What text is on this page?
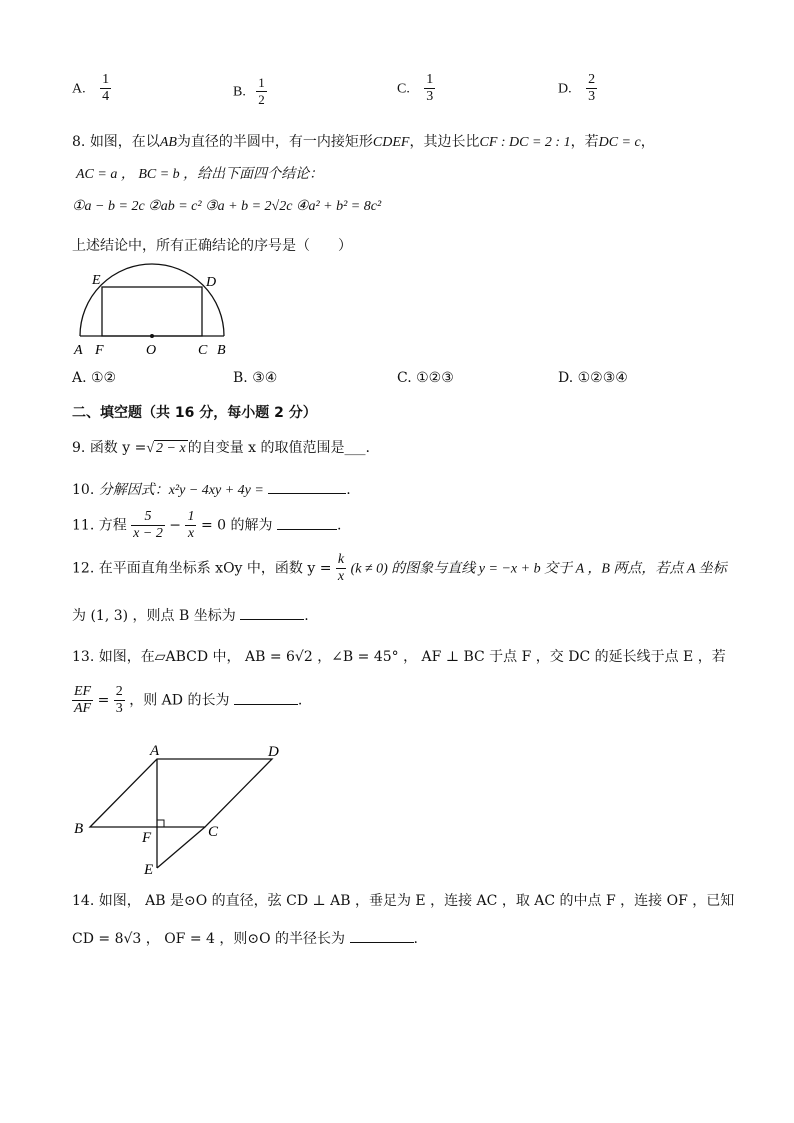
A. $\frac{1}{4}$	B. $\frac{1}{2}$	C. $\frac{1}{3}$	D. $\frac{2}{3}$
8. 如图，在以AB为直径的半圆中，有一内接矩形CDEF，其边长比CF : DC = 2 : 1，若DC = c，
AC = a ， BC = b ，给出下面四个结论：
①a − b = 2c ②ab = c² ③a + b = 2√2c ④a² + b² = 8c²
上述结论中，所有正确结论的序号是（　　）
E	D
A F	O	C B
A. ①②	B. ③④	C. ①②③	D. ①②③④
二、填空题（共 16 分，每小题 2 分）
9. 函数 y =√ 2 − x 的自变量 x 的取值范围是___.
10. 分解因式：x²y − 4xy + 4y =	.
11. 方程 $\frac{5}{x - 2} - \frac{1}{x} = 0$ 的解为	.
12. 在平面直角坐标系 xOy 中，函数 $y = \frac{k}{x} (k \ne 0)$ 的图象与直线 y = −x + b 交于 A ，B 两点，若点 A 坐标
为 (1, 3) ，则点 B 坐标为	.
13. 如图，在▱ABCD 中， AB = 6√2 ，∠B = 45° ， AF ⊥ BC 于点 F ，交 DC 的延长线于点 E ，若
$\frac{EF}{AF} = \frac{2}{3}$ ，则 AD 的长为	.
A	D
B
F	C
E
14. 如图， AB 是⊙O 的直径，弦 CD ⊥ AB ，垂足为 E ，连接 AC ，取 AC 的中点 F ，连接 OF ，已知
CD = 8√3 ， OF = 4 ，则⊙O 的半径长为	.
